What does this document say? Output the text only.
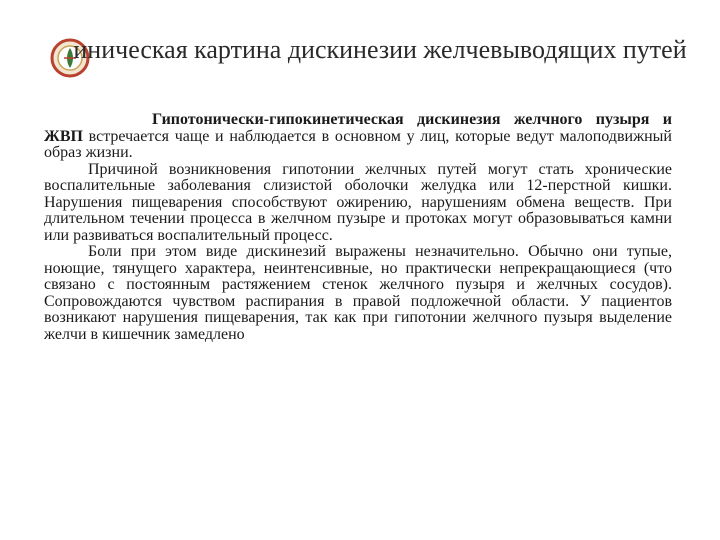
иническая картина дискинезии желчевыводящих путей

Гипотонически-гипокинетическая дискинезия желчного пузыря и ЖВП встречается чаще и наблюдается в основном у лиц, которые ведут малоподвижный образ жизни.

Причиной возникновения гипотонии желчных путей могут стать хронические воспалительные заболевания слизистой оболочки желудка или 12-перстной кишки. Нарушения пищеварения способствуют ожирению, нарушениям обмена веществ. При длительном течении процесса в желчном пузыре и протоках могут образовываться камни или развиваться воспалительный процесс.

Боли при этом виде дискинезий выражены незначительно. Обычно они тупые, ноющие, тянущего характера, неинтенсивные, но практически непрекращающиеся (что связано с постоянным растяжением стенок желчного пузыря и желчных сосудов). Сопровождаются чувством распирания в правой подложечной области. У пациентов возникают нарушения пищеварения, так как при гипотонии желчного пузыря выделение желчи в кишечник замедлено
